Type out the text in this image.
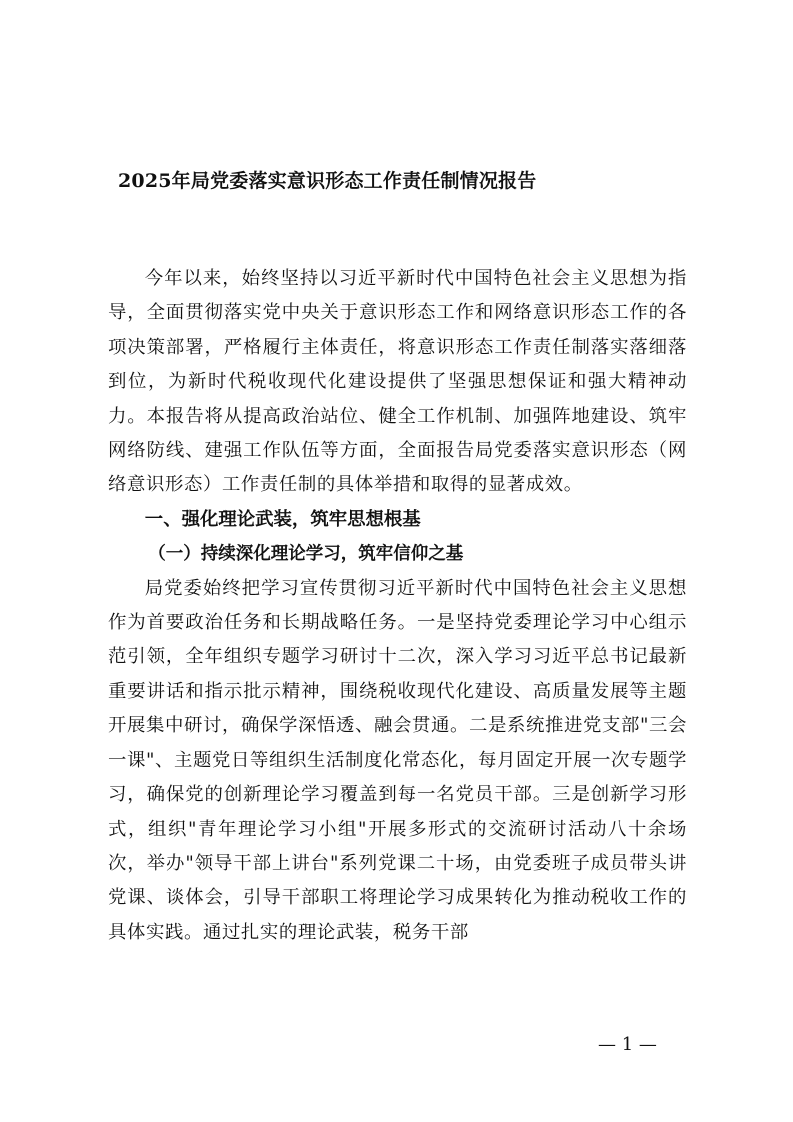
2025年局党委落实意识形态工作责任制情况报告

今年以来，始终坚持以习近平新时代中国特色社会主义思想为指导，全面贯彻落实党中央关于意识形态工作和网络意识形态工作的各项决策部署，严格履行主体责任，将意识形态工作责任制落实落细落到位，为新时代税收现代化建设提供了坚强思想保证和强大精神动力。本报告将从提高政治站位、健全工作机制、加强阵地建设、筑牢网络防线、建强工作队伍等方面，全面报告局党委落实意识形态（网络意识形态）工作责任制的具体举措和取得的显著成效。

一、强化理论武装，筑牢思想根基

（一）持续深化理论学习，筑牢信仰之基

局党委始终把学习宣传贯彻习近平新时代中国特色社会主义思想作为首要政治任务和长期战略任务。一是坚持党委理论学习中心组示范引领，全年组织专题学习研讨十二次，深入学习习近平总书记最新重要讲话和指示批示精神，围绕税收现代化建设、高质量发展等主题开展集中研讨，确保学深悟透、融会贯通。二是系统推进党支部"三会一课"、主题党日等组织生活制度化常态化，每月固定开展一次专题学习，确保党的创新理论学习覆盖到每一名党员干部。三是创新学习形式，组织"青年理论学习小组"开展多形式的交流研讨活动八十余场次，举办"领导干部上讲台"系列党课二十场，由党委班子成员带头讲党课、谈体会，引导干部职工将理论学习成果转化为推动税收工作的具体实践。通过扎实的理论武装，税务干部

— 1 —
